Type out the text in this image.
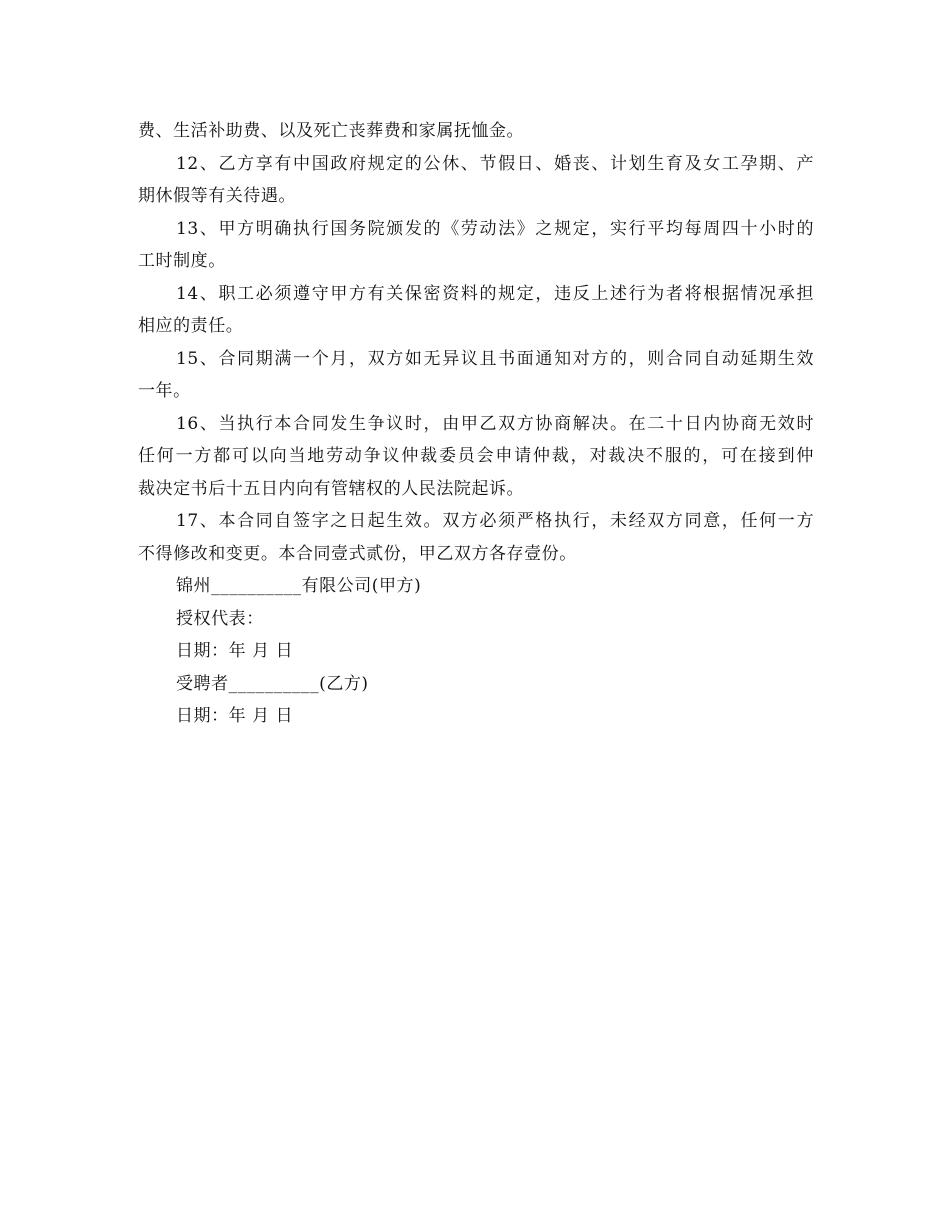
费、生活补助费、以及死亡丧葬费和家属抚恤金。
12、乙方享有中国政府规定的公休、节假日、婚丧、计划生育及女工孕期、产
期休假等有关待遇。
13、甲方明确执行国务院颁发的《劳动法》之规定，实行平均每周四十小时的
工时制度。
14、职工必须遵守甲方有关保密资料的规定，违反上述行为者将根据情况承担
相应的责任。
15、合同期满一个月，双方如无异议且书面通知对方的，则合同自动延期生效
一年。
16、当执行本合同发生争议时，由甲乙双方协商解决。在二十日内协商无效时
任何一方都可以向当地劳动争议仲裁委员会申请仲裁，对裁决不服的，可在接到仲
裁决定书后十五日内向有管辖权的人民法院起诉。
17、本合同自签字之日起生效。双方必须严格执行，未经双方同意，任何一方
不得修改和变更。本合同壹式贰份，甲乙双方各存壹份。
锦州__________有限公司(甲方)
授权代表：
日期：年 月 日
受聘者__________(乙方)
日期：年 月 日
